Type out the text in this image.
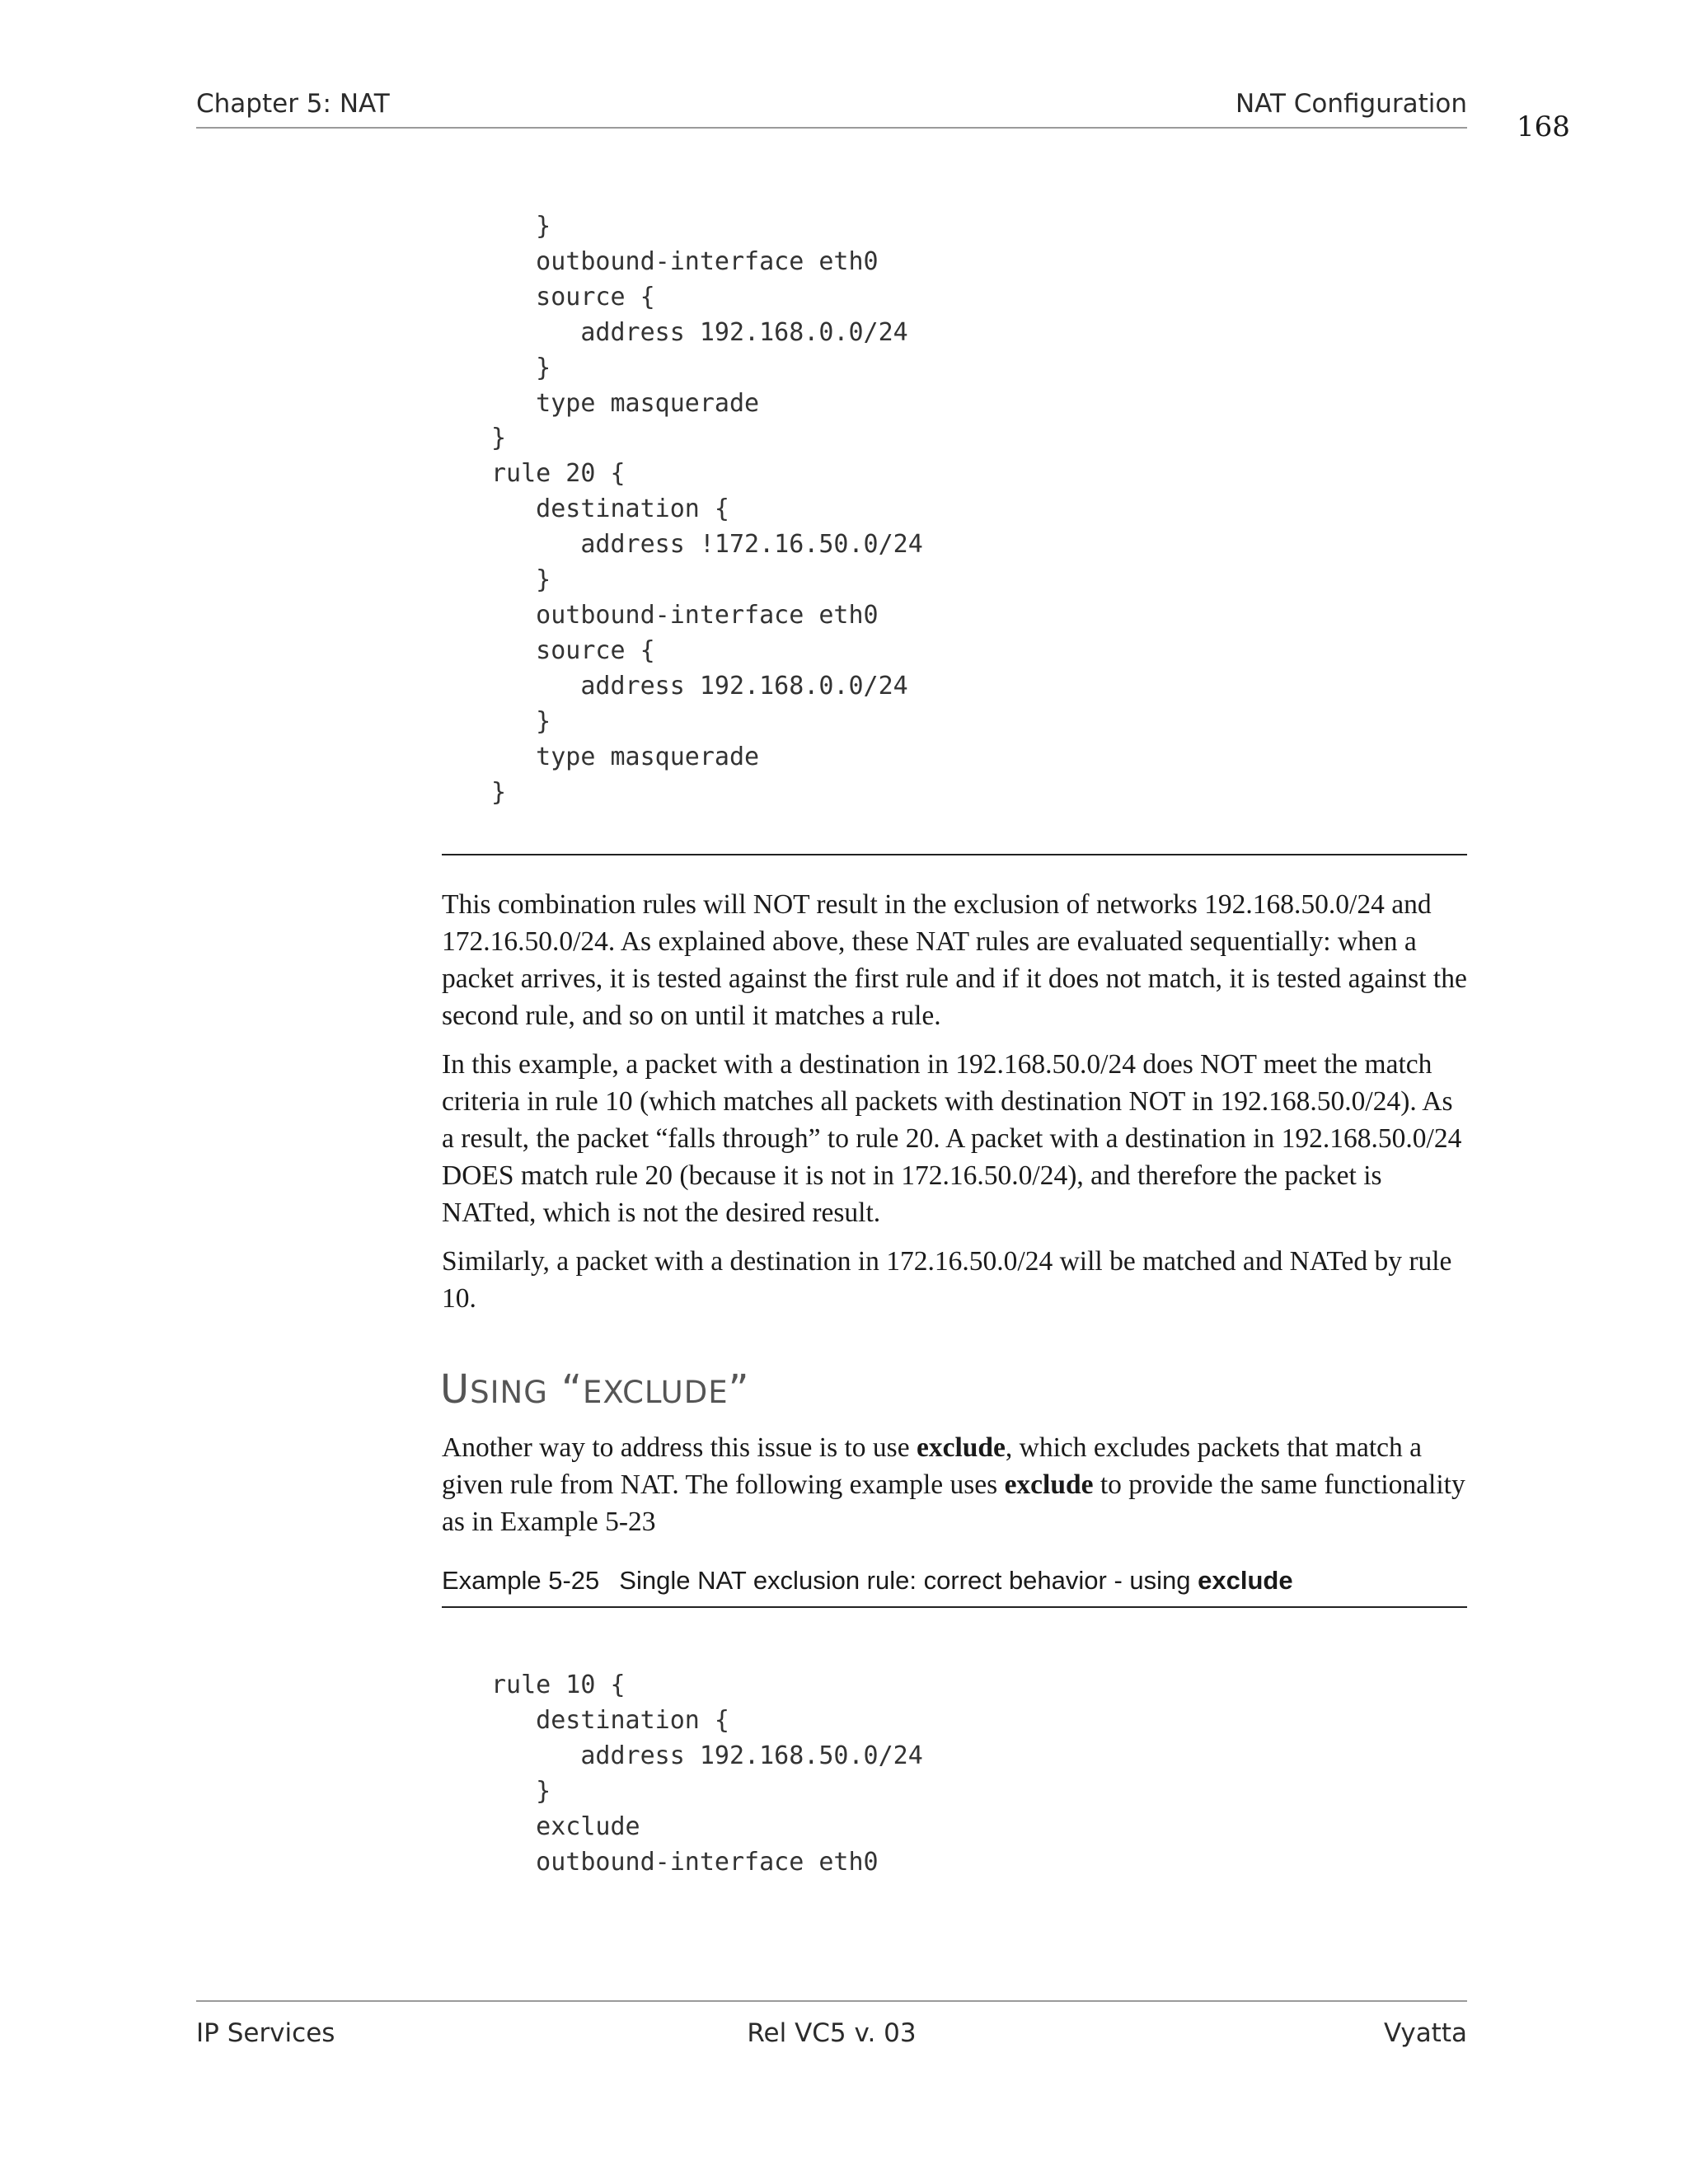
Chapter 5: NAT	NAT Configuration
168
}
outbound-interface eth0
source {
address 192.168.0.0/24
}
type masquerade
}
rule 20 {
destination {
address !172.16.50.0/24
}
outbound-interface eth0
source {
address 192.168.0.0/24
}
type masquerade
}

This combination rules will NOT result in the exclusion of networks 192.168.50.0/24 and 172.16.50.0/24. As explained above, these NAT rules are evaluated sequentially: when a packet arrives, it is tested against the first rule and if it does not match, it is tested against the second rule, and so on until it matches a rule.

In this example, a packet with a destination in 192.168.50.0/24 does NOT meet the match criteria in rule 10 (which matches all packets with destination NOT in 192.168.50.0/24). As a result, the packet “falls through” to rule 20. A packet with a destination in 192.168.50.0/24 DOES match rule 20 (because it is not in 172.16.50.0/24), and therefore the packet is NATted, which is not the desired result.

Similarly, a packet with a destination in 172.16.50.0/24 will be matched and NATed by rule 10.

USING “EXCLUDE”

Another way to address this issue is to use exclude, which excludes packets that match a given rule from NAT. The following example uses exclude to provide the same functionality as in Example 5-23

Example 5-25 Single NAT exclusion rule: correct behavior - using exclude
rule 10 {
destination {
address 192.168.50.0/24
}
exclude
outbound-interface eth0
IP Services	Rel VC5 v. 03	Vyatta
